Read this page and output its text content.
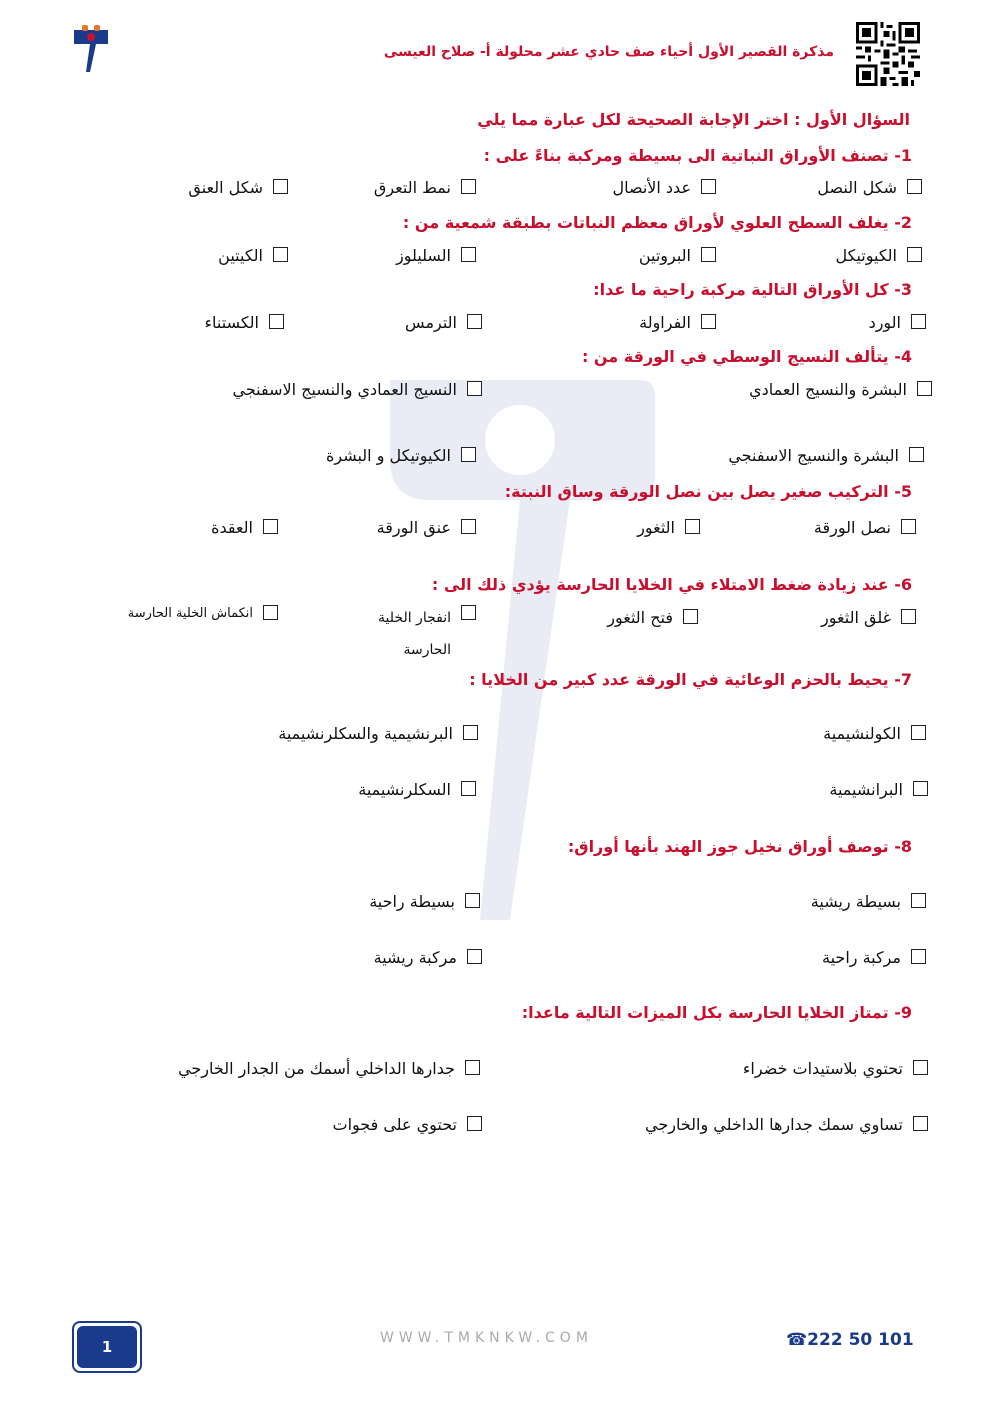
مذكرة القصير الأول أحياء صف حادي عشر محلولة أ- صلاح العيسى
السؤال الأول : اختر الإجابة الصحيحة لكل عبارة مما يلي
1- تصنف الأوراق النباتية الى بسيطة ومركبة بناءً على :
شكل النصل
عدد الأنصال
نمط التعرق
شكل العنق
2- يغلف السطح العلوي لأوراق معظم النباتات بطبقة شمعية من :
الكيوتيكل
البروتين
السليلوز
الكيتين
3- كل الأوراق التالية مركبة راحية ما عدا:
الورد
الفراولة
الترمس
الكستناء
4- يتألف النسيج الوسطي في الورقة من :
البشرة والنسيج العمادي
النسيج العمادي والنسيج الاسفنجي
البشرة والنسيج الاسفنجي
الكيوتيكل و البشرة
5- التركيب صغير يصل بين نصل الورقة وساق النبتة:
نصل الورقة
الثغور
عنق الورقة
العقدة
6- عند زيادة ضغط الامتلاء في الخلايا الحارسة يؤدي ذلك الى :
غلق الثغور
فتح الثغور
انفجار الخلية الحارسة
انكماش الخلية الحارسة
7- يحيط بالحزم الوعائية في الورقة عدد كبير من الخلايا :
الكولنشيمية
البرنشيمية والسكلرنشيمية
البرانشيمية
السكلرنشيمية
8- توصف أوراق نخيل جوز الهند بأنها أوراق:
بسيطة ريشية
بسيطة راحية
مركبة راحية
مركبة ريشية
9- تمتاز الخلايا الحارسة بكل الميزات التالية ماعدا:
تحتوي بلاستيدات خضراء
جدارها الداخلي أسمك من الجدار الخارجي
تساوي سمك جدارها الداخلي والخارجي
تحتوي على فجوات
1	WWW.TMKNKW.COM	☎222 50 101
